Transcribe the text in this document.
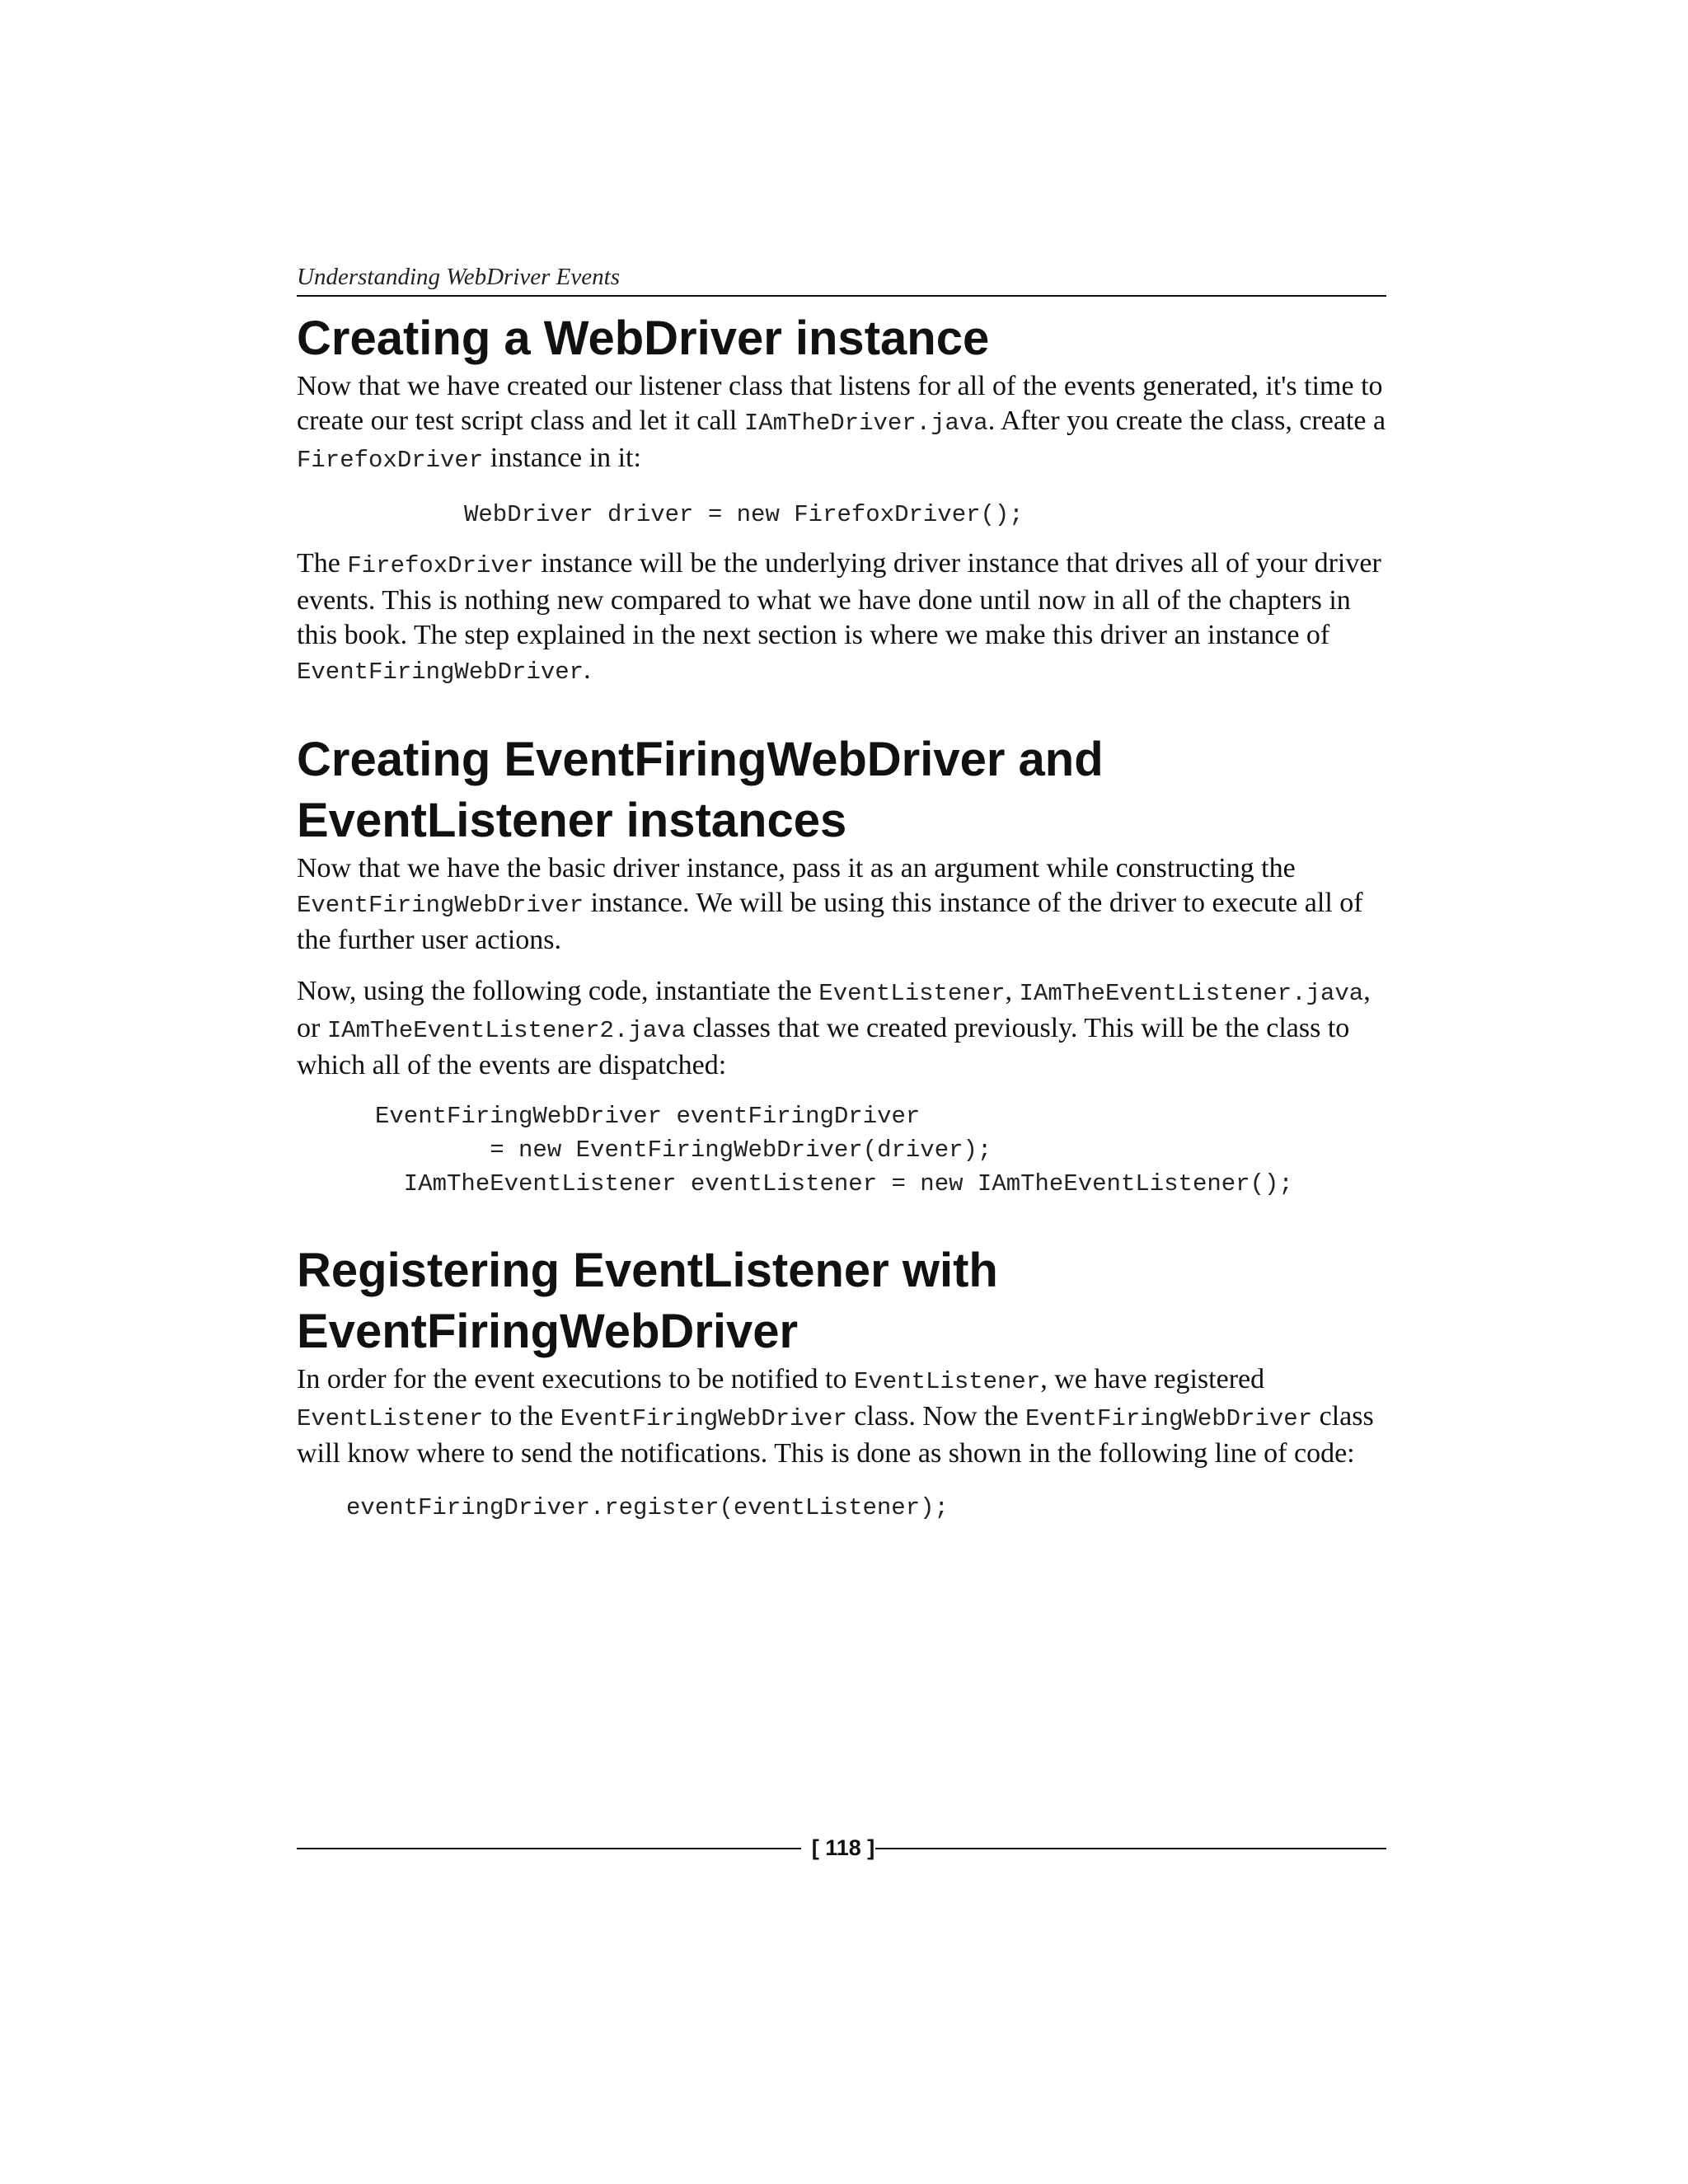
Understanding WebDriver Events
Creating a WebDriver instance

Now that we have created our listener class that listens for all of the events generated, it's time to create our test script class and let it call IAmTheDriver.java. After you create the class, create a FirefoxDriver instance in it:

WebDriver driver = new FirefoxDriver();

The FirefoxDriver instance will be the underlying driver instance that drives all of your driver events. This is nothing new compared to what we have done until now in all of the chapters in this book. The step explained in the next section is where we make this driver an instance of EventFiringWebDriver.

Creating EventFiringWebDriver and
EventListener instances

Now that we have the basic driver instance, pass it as an argument while constructing the EventFiringWebDriver instance. We will be using this instance of the driver to execute all of the further user actions.

Now, using the following code, instantiate the EventListener, IAmTheEventListener.java, or IAmTheEventListener2.java classes that we created previously. This will be the class to which all of the events are dispatched:

EventFiringWebDriver eventFiringDriver
= new EventFiringWebDriver(driver);
IAmTheEventListener eventListener = new IAmTheEventListener();
Registering EventListener with
EventFiringWebDriver

In order for the event executions to be notified to EventListener, we have registered EventListener to the EventFiringWebDriver class. Now the EventFiringWebDriver class will know where to send the notifications. This is done as shown in the following line of code:

eventFiringDriver.register(eventListener);
[ 118 ]
